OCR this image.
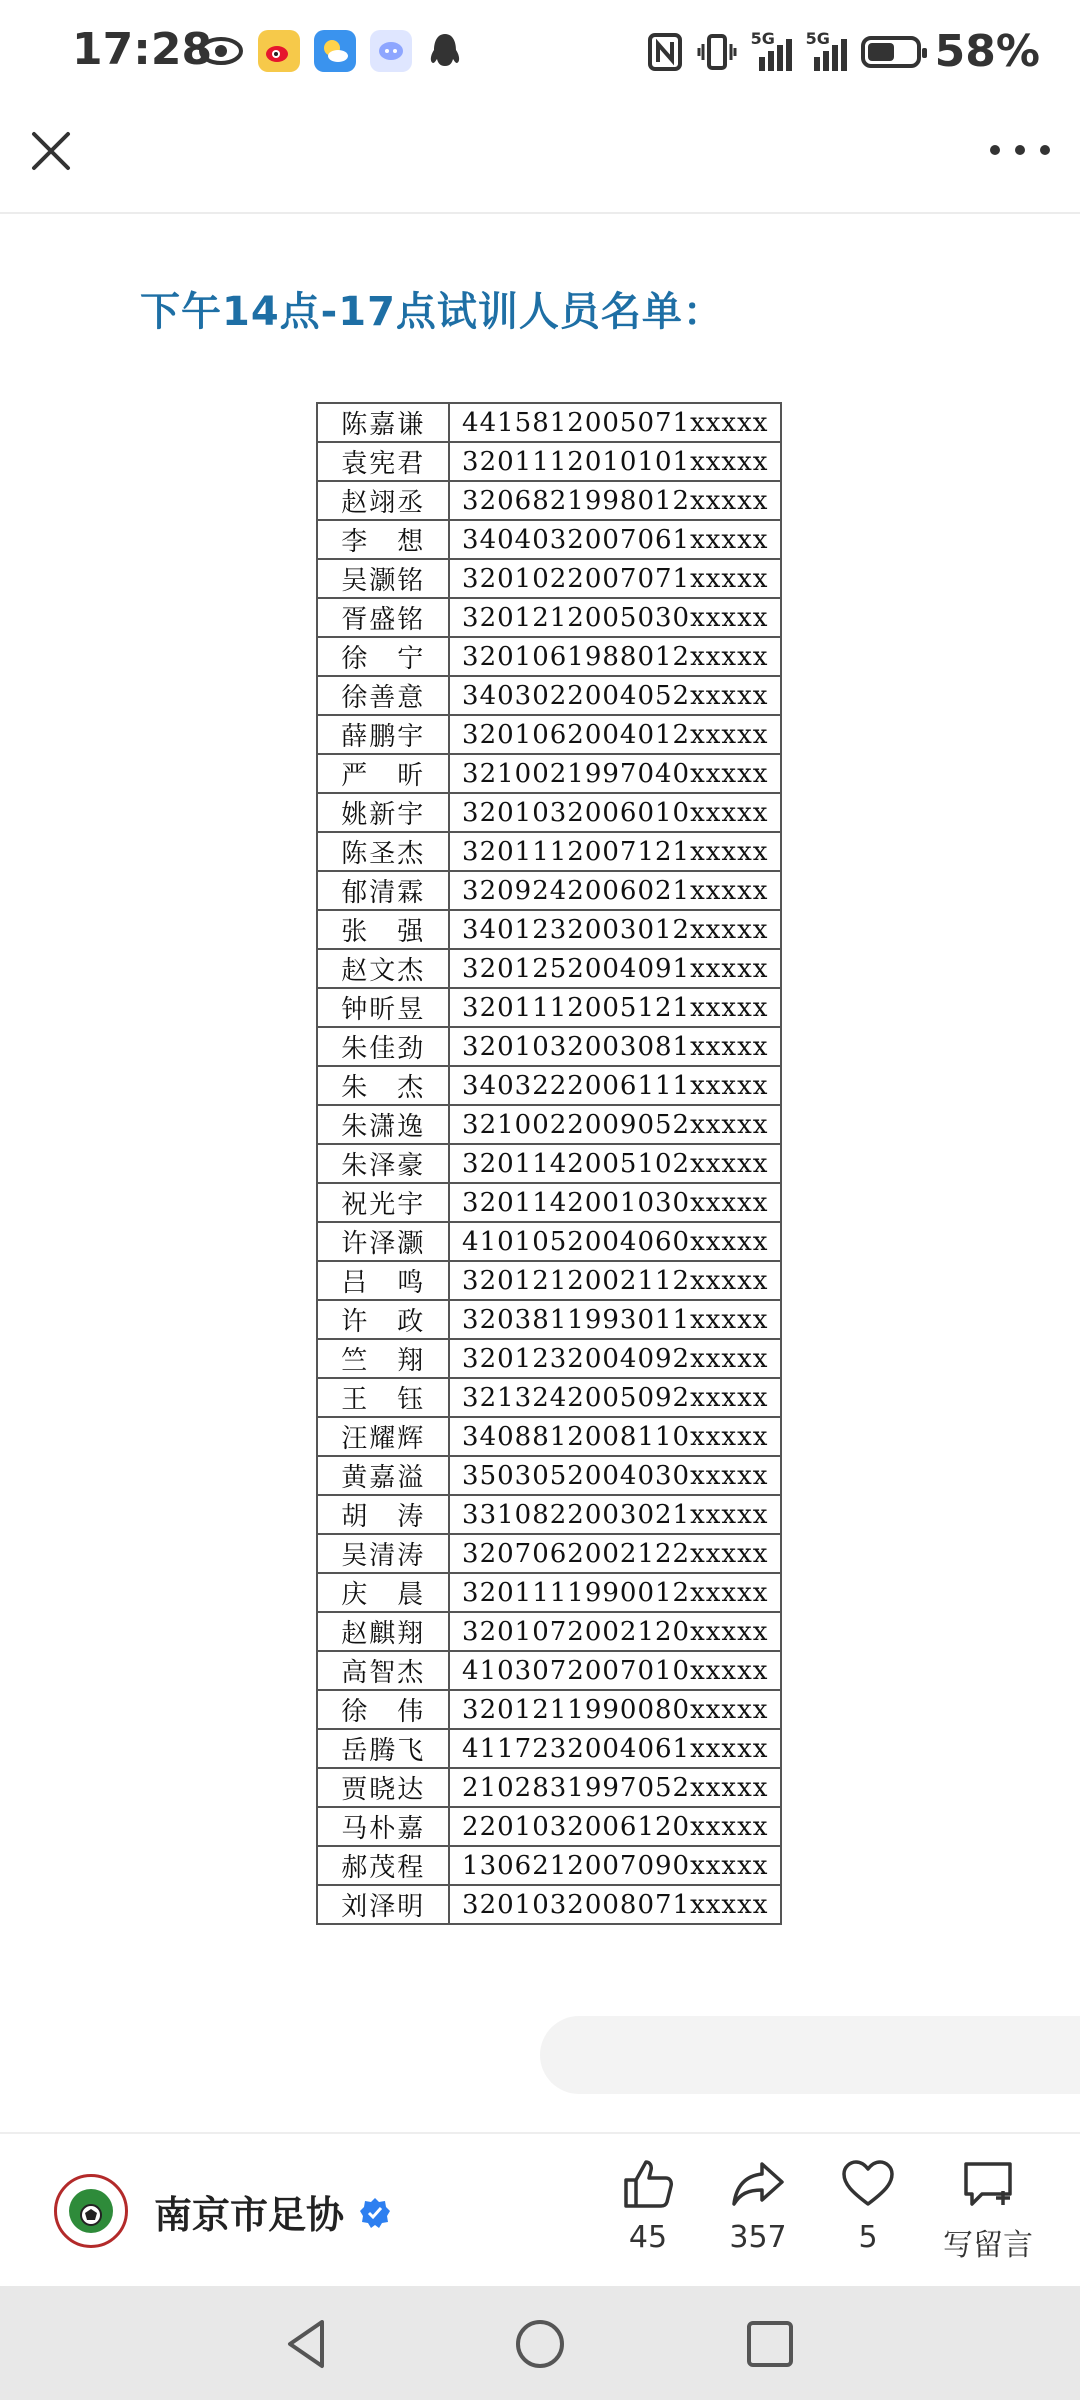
17:28	5G 5G 58%
下午14点-17点试训人员名单：
陈嘉谦	4415812005071xxxxx
袁宪君	3201112010101xxxxx
赵翊丞	3206821998012xxxxx
李　想	3404032007061xxxxx
吴灏铭	3201022007071xxxxx
胥盛铭	3201212005030xxxxx
徐　宁	3201061988012xxxxx
徐善意	3403022004052xxxxx
薛鹏宇	3201062004012xxxxx
严　昕	3210021997040xxxxx
姚新宇	3201032006010xxxxx
陈圣杰	3201112007121xxxxx
郁清霖	3209242006021xxxxx
张　强	3401232003012xxxxx
赵文杰	3201252004091xxxxx
钟昕昱	3201112005121xxxxx
朱佳劲	3201032003081xxxxx
朱　杰	3403222006111xxxxx
朱潇逸	3210022009052xxxxx
朱泽豪	3201142005102xxxxx
祝光宇	3201142001030xxxxx
许泽灏	4101052004060xxxxx
吕　鸣	3201212002112xxxxx
许　政	3203811993011xxxxx
竺　翔	3201232004092xxxxx
王　钰	3213242005092xxxxx
汪耀辉	3408812008110xxxxx
黄嘉溢	3503052004030xxxxx
胡　涛	3310822003021xxxxx
吴清涛	3207062002122xxxxx
庆　晨	3201111990012xxxxx
赵麒翔	3201072002120xxxxx
高智杰	4103072007010xxxxx
徐　伟	3201211990080xxxxx
岳腾飞	4117232004061xxxxx
贾晓达	2102831997052xxxxx
马朴嘉	2201032006120xxxxx
郝茂程	1306212007090xxxxx
刘泽明	3201032008071xxxxx
南京市足协
45	357	5	写留言
